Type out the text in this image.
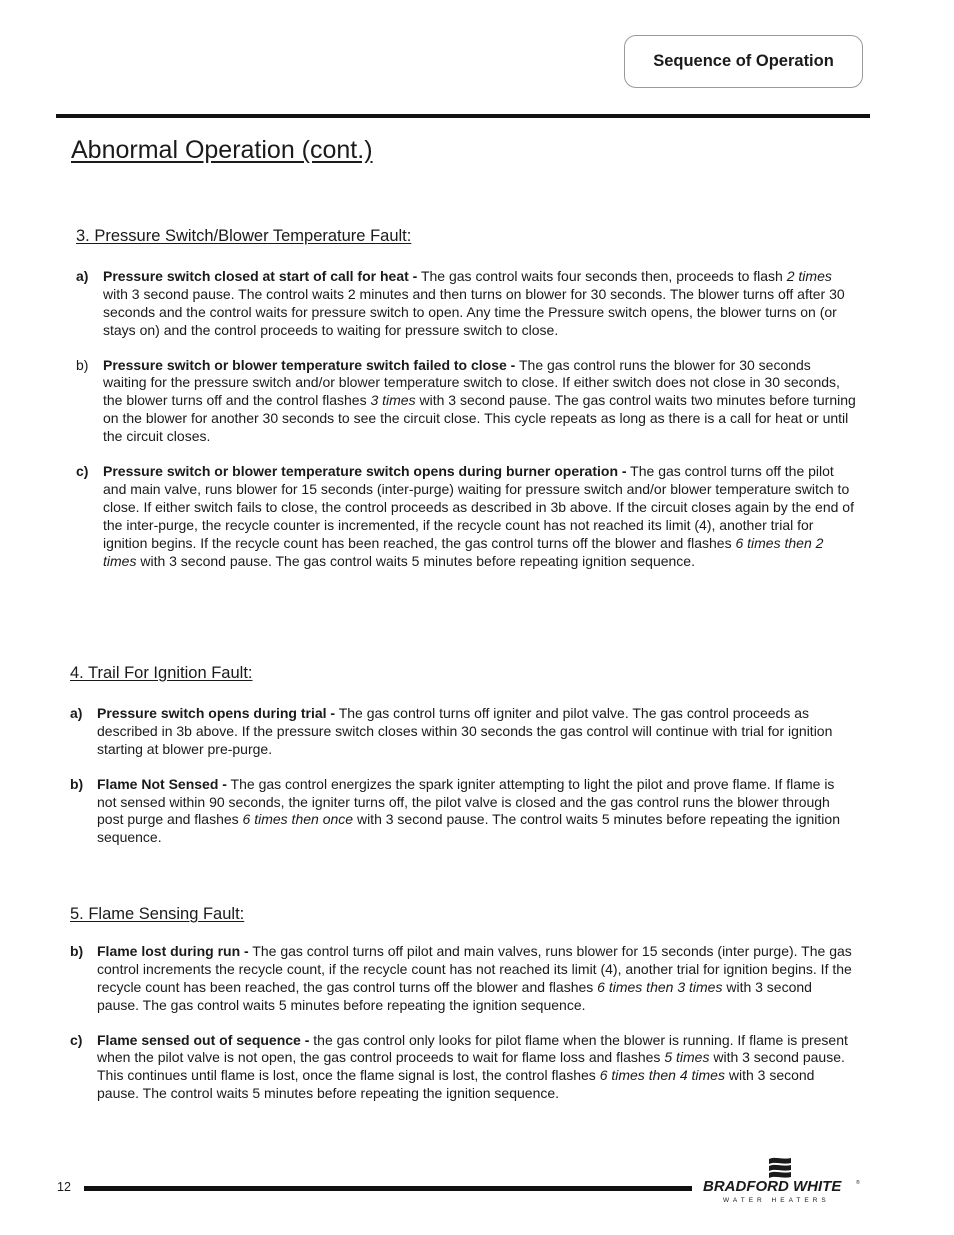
Sequence of Operation
Abnormal Operation (cont.)
3. Pressure Switch/Blower Temperature Fault:
a) Pressure switch closed at start of call for heat - The gas control waits four seconds then, proceeds to flash 2 times with 3 second pause. The control waits 2 minutes and then turns on blower for 30 seconds. The blower turns off after 30 seconds and the control waits for pressure switch to open. Any time the Pressure switch opens, the blower turns on (or stays on) and the control proceeds to waiting for pressure switch to close.
b) Pressure switch or blower temperature switch failed to close - The gas control runs the blower for 30 seconds waiting for the pressure switch and/or blower temperature switch to close. If either switch does not close in 30 seconds, the blower turns off and the control flashes 3 times with 3 second pause. The gas control waits two minutes before turning on the blower for another 30 seconds to see the circuit close. This cycle repeats as long as there is a call for heat or until the circuit closes.
c) Pressure switch or blower temperature switch opens during burner operation - The gas control turns off the pilot and main valve, runs blower for 15 seconds (inter-purge) waiting for pressure switch and/or blower temperature switch to close. If either switch fails to close, the control proceeds as described in 3b above. If the circuit closes again by the end of the inter-purge, the recycle counter is incremented, if the recycle count has not reached its limit (4), another trial for ignition begins. If the recycle count has been reached, the gas control turns off the blower and flashes 6 times then 2 times with 3 second pause. The gas control waits 5 minutes before repeating ignition sequence.
4. Trail For Ignition Fault:
a) Pressure switch opens during trial - The gas control turns off igniter and pilot valve. The gas control proceeds as described in 3b above. If the pressure switch closes within 30 seconds the gas control will continue with trial for ignition starting at blower pre-purge.
b) Flame Not Sensed - The gas control energizes the spark igniter attempting to light the pilot and prove flame. If flame is not sensed within 90 seconds, the igniter turns off, the pilot valve is closed and the gas control runs the blower through post purge and flashes 6 times then once with 3 second pause. The control waits 5 minutes before repeating the ignition sequence.
5. Flame Sensing Fault:
b) Flame lost during run - The gas control turns off pilot and main valves, runs blower for 15 seconds (inter purge). The gas control increments the recycle count, if the recycle count has not reached its limit (4), another trial for ignition begins. If the recycle count has been reached, the gas control turns off the blower and flashes 6 times then 3 times with 3 second pause. The gas control waits 5 minutes before repeating the ignition sequence.
c) Flame sensed out of sequence - the gas control only looks for pilot flame when the blower is running. If flame is present when the pilot valve is not open, the gas control proceeds to wait for flame loss and flashes 5 times with 3 second pause. This continues until flame is lost, once the flame signal is lost, the control flashes 6 times then 4 times with 3 second pause. The control waits 5 minutes before repeating the ignition sequence.
12	BRADFORD WHITE	®
WATER HEATERS
